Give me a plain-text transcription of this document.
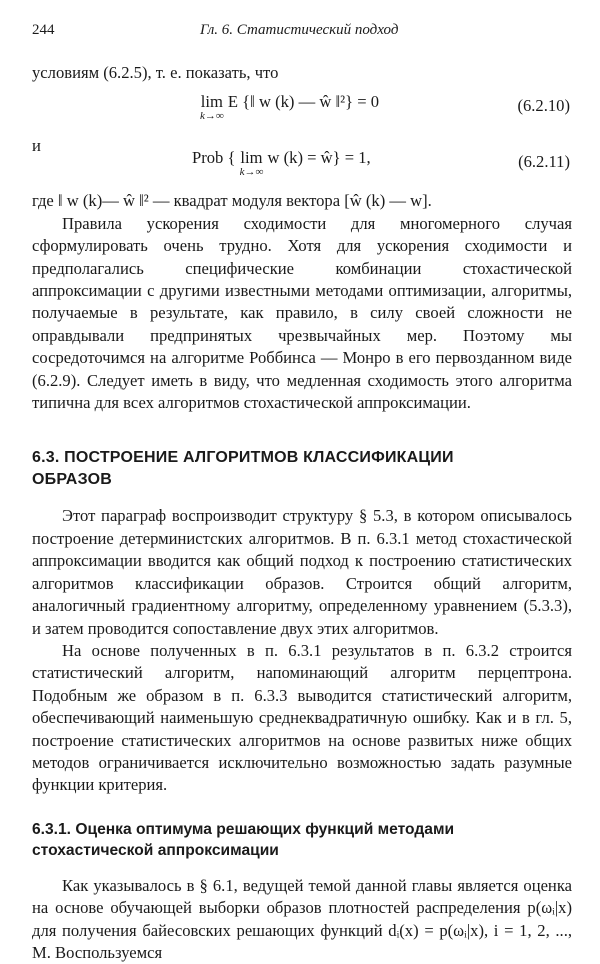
244	Гл. 6. Статистический подход

условиям (6.2.5), т. е. показать, что

lim
k→∞
E {‖ w (k) — ŵ ‖²} = 0	(6.2.10)
и
Prob { lim
k→∞
w (k) = ŵ} = 1,	(6.2.11)

где ‖ w (k)— ŵ ‖² — квадрат модуля вектора [ŵ (k) — w].

Правила ускорения сходимости для многомерного случая сформулировать очень трудно. Хотя для ускорения сходимости и предполагались специфические комбинации стохастической аппроксимации с другими известными методами оптимизации, алгоритмы, получаемые в результате, как правило, в силу своей сложности не оправдывали предпринятых чрезвычайных мер. Поэтому мы сосредоточимся на алгоритме Роббинса — Монро в его первозданном виде (6.2.9). Следует иметь в виду, что медленная сходимость этого алгоритма типична для всех алгоритмов стохастической аппроксимации.

6.3. ПОСТРОЕНИЕ АЛГОРИТМОВ КЛАССИФИКАЦИИ

ОБРАЗОВ

Этот параграф воспроизводит структуру § 5.3, в котором описывалось построение детерминистских алгоритмов. В п. 6.3.1 метод стохастической аппроксимации вводится как общий подход к построению статистических алгоритмов классификации образов. Строится общий алгоритм, аналогичный градиентному алгоритму, определенному уравнением (5.3.3), и затем проводится сопоставление двух этих алгоритмов.

На основе полученных в п. 6.3.1 результатов в п. 6.3.2 строится статистический алгоритм, напоминающий алгоритм перцептрона. Подобным же образом в п. 6.3.3 выводится статистический алгоритм, обеспечивающий наименьшую среднеквадратичную ошибку. Как и в гл. 5, построение статистических алгоритмов на основе развитых ниже общих методов ограничивается исключительно возможностью задать разумные функции критерия.

6.3.1. Оценка оптимума решающих функций методами

стохастической аппроксимации

Как указывалось в § 6.1, ведущей темой данной главы является оценка на основе обучающей выборки образов плотностей распределения p(ωᵢ|x) для получения байесовских решающих функций dᵢ(x) = p(ωᵢ|x), i = 1, 2, ..., M. Воспользуемся
